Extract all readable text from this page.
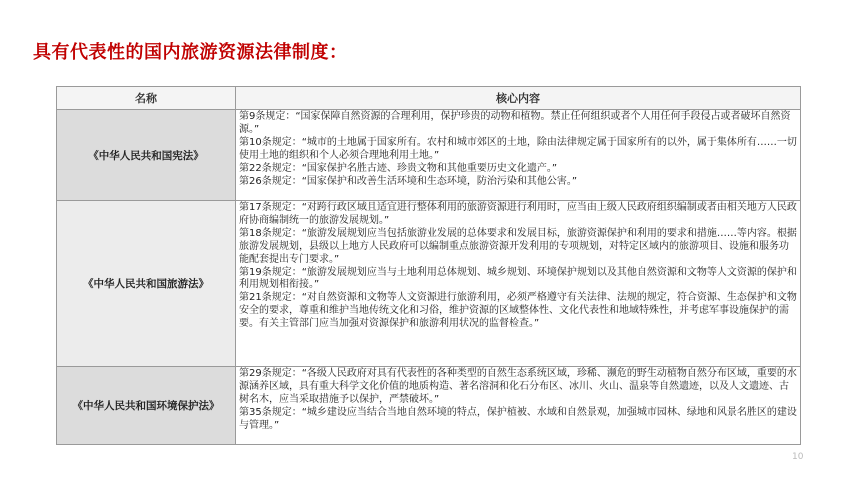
具有代表性的国内旅游资源法律制度：
名称	核心内容
《中华人民共和国宪法》	第9条规定：“国家保障自然资源的合理利用，保护珍贵的动物和植物。禁止任何组织或者个人用任何手段侵占或者破坏自然资源。”

第10条规定：“城市的土地属于国家所有。农村和城市郊区的土地，除由法律规定属于国家所有的以外，属于集体所有……一切使用土地的组织和个人必须合理地利用土地。”

第22条规定：“国家保护名胜古迹、珍贵文物和其他重要历史文化遗产。”

第26条规定：“国家保护和改善生活环境和生态环境，防治污染和其他公害。”

《中华人民共和国旅游法》	第17条规定：“对跨行政区域且适宜进行整体利用的旅游资源进行利用时，应当由上级人民政府组织编制或者由相关地方人民政府协商编制统一的旅游发展规划。”

第18条规定：“旅游发展规划应当包括旅游业发展的总体要求和发展目标，旅游资源保护和利用的要求和措施……等内容。根据旅游发展规划，县级以上地方人民政府可以编制重点旅游资源开发利用的专项规划，对特定区域内的旅游项目、设施和服务功能配套提出专门要求。”

第19条规定：“旅游发展规划应当与土地利用总体规划、城乡规划、环境保护规划以及其他自然资源和文物等人文资源的保护和利用规划相衔接。”

第21条规定：“对自然资源和文物等人文资源进行旅游利用，必须严格遵守有关法律、法规的规定，符合资源、生态保护和文物安全的要求，尊重和维护当地传统文化和习俗，维护资源的区域整体性、文化代表性和地域特殊性，并考虑军事设施保护的需要。有关主管部门应当加强对资源保护和旅游利用状况的监督检查。”

《中华人民共和国环境保护法》	第29条规定：“各级人民政府对具有代表性的各种类型的自然生态系统区域，珍稀、濒危的野生动植物自然分布区域，重要的水源涵养区域，具有重大科学文化价值的地质构造、著名溶洞和化石分布区、冰川、火山、温泉等自然遗迹，以及人文遗迹、古树名木，应当采取措施予以保护，严禁破坏。”

第35条规定：“城乡建设应当结合当地自然环境的特点，保护植被、水域和自然景观，加强城市园林、绿地和风景名胜区的建设与管理。”

10
